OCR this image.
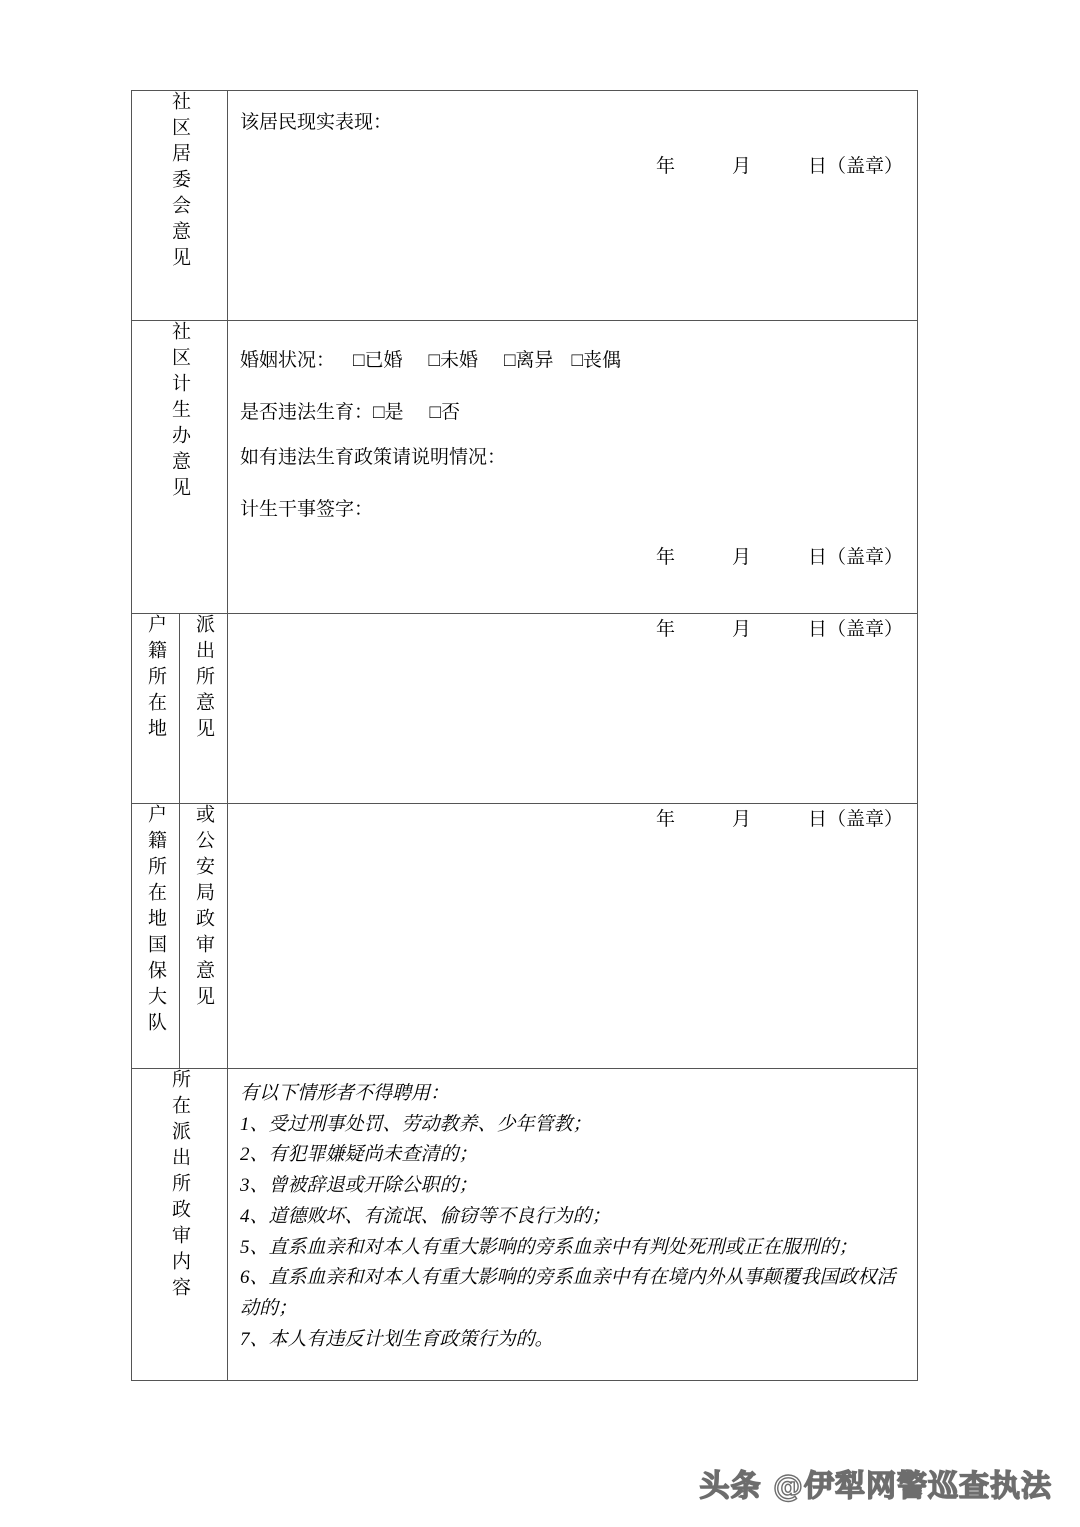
社区居委会意见		该居民现实表现：
年　　　月　　　日（盖章）

社区计生办意见		婚姻状况： □已婚 □未婚 □离异 □丧偶
是否违法生育：□是 □否
如有违法生育政策请说明情况：
计生干事签字：
年　　　月　　　日（盖章）

户籍所在地	派出所意见	年　　　月　　　日（盖章）

户籍所在地国保大队	或公安局政审意见	年　　　月　　　日（盖章）

所在派出所政审内容	有以下情形者不得聘用：
1、受过刑事处罚、劳动教养、少年管教；
2、有犯罪嫌疑尚未查清的；
3、曾被辞退或开除公职的；
4、道德败坏、有流氓、偷窃等不良行为的；
5、直系血亲和对本人有重大影响的旁系血亲中有判处死刑或正在服刑的；
6、直系血亲和对本人有重大影响的旁系血亲中有在境内外从事颠覆我国政权活动的；
7、本人有违反计划生育政策行为的。
头条 @伊犁网警巡查执法
